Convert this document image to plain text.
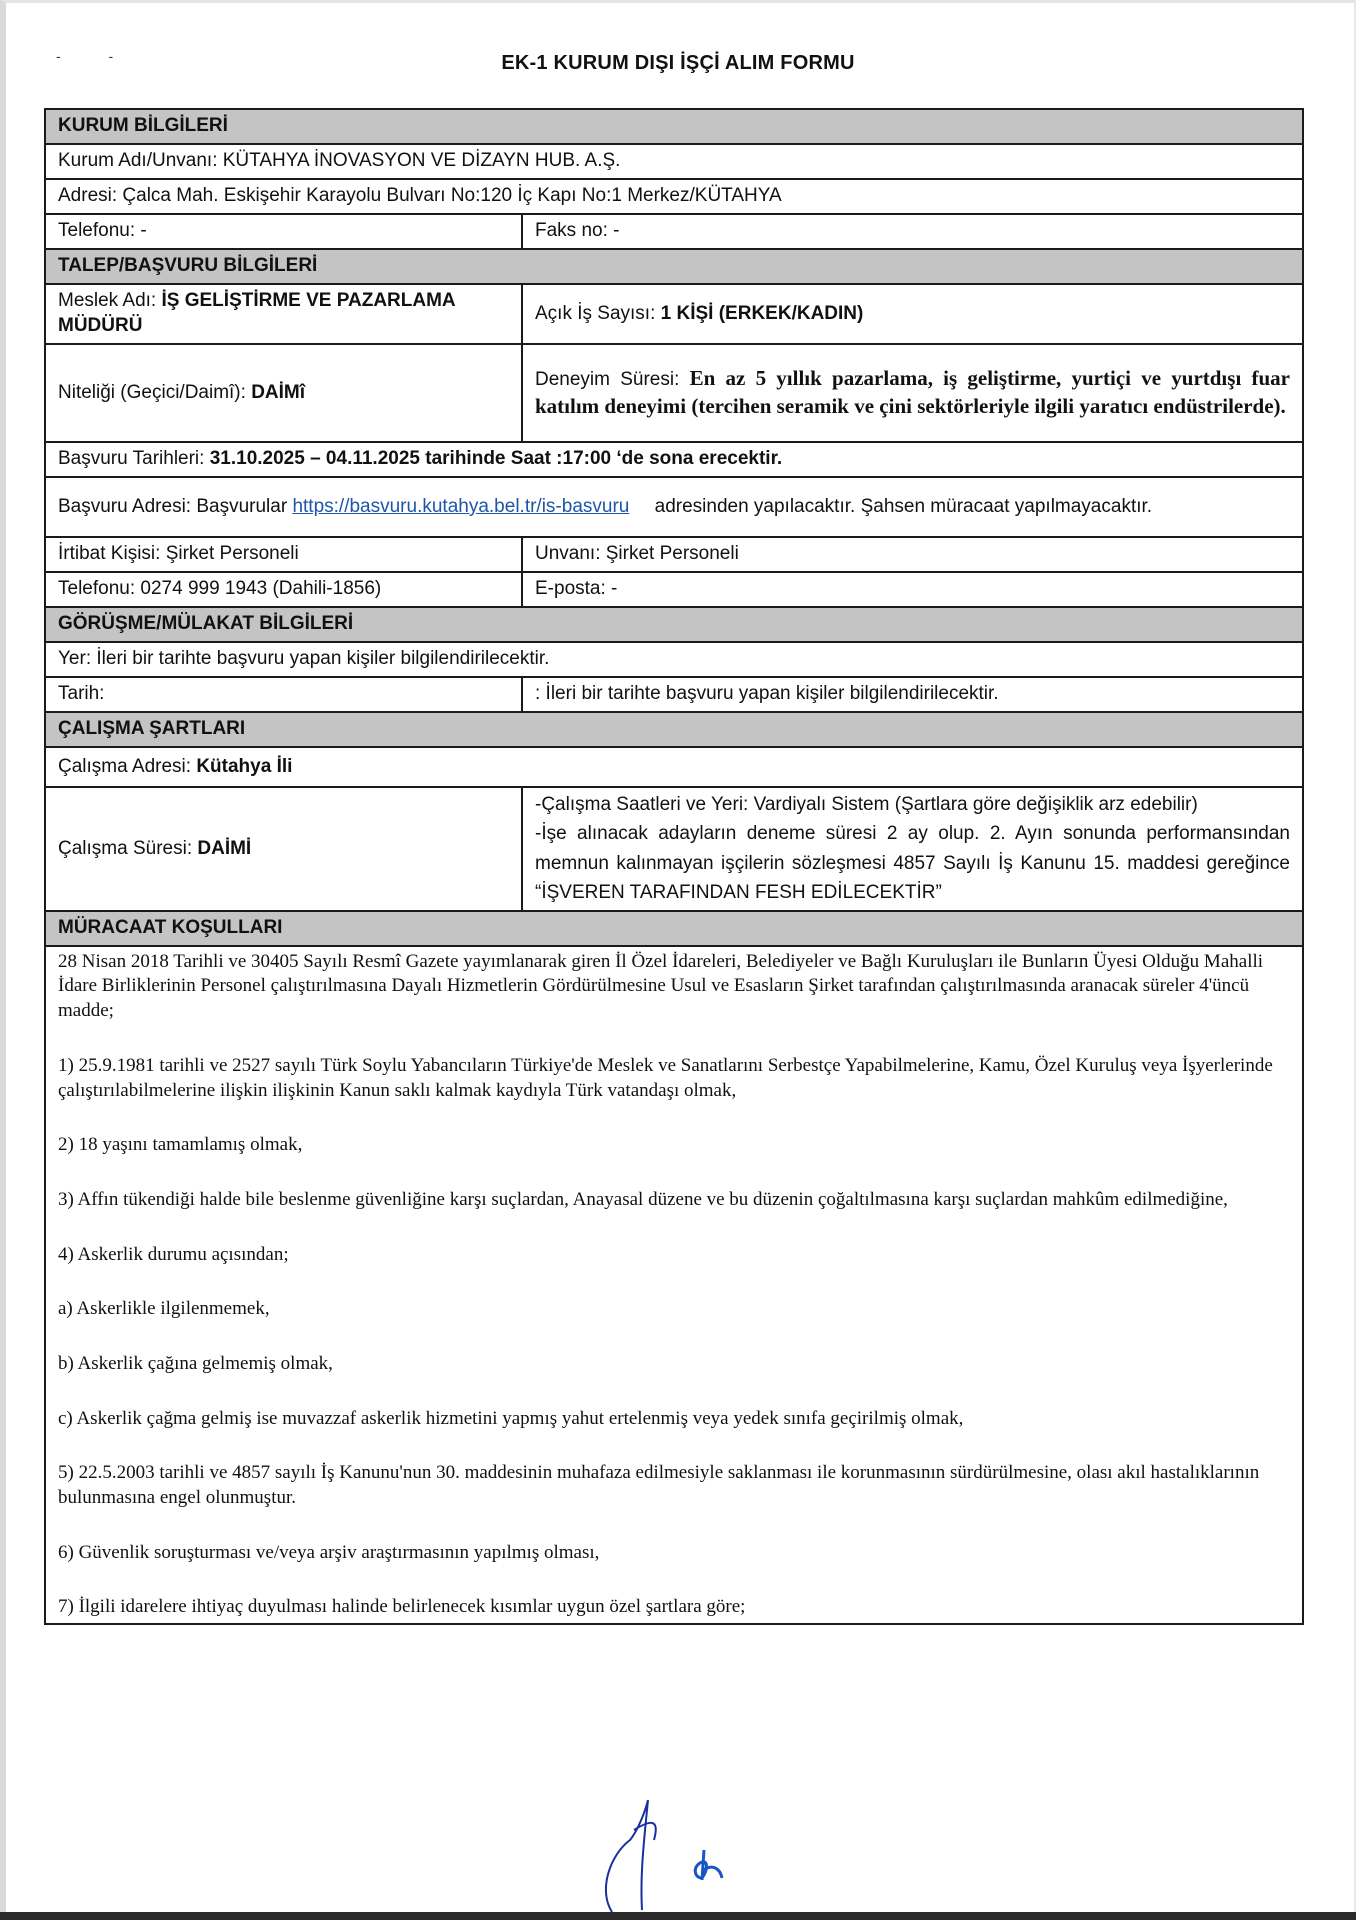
- -	EK-1 KURUM DIŞI İŞÇİ ALIM FORMU
KURUM BİLGİLERİ	
Kurum Adı/Unvanı: KÜTAHYA İNOVASYON VE DİZAYN HUB. A.Ş.	
Adresi: Çalca Mah. Eskişehir Karayolu Bulvarı No:120 İç Kapı No:1 Merkez/KÜTAHYA	
Telefonu: -	Faks no: -
TALEP/BAŞVURU BİLGİLERİ	
Meslek Adı: İŞ GELİŞTİRME VE PAZARLAMA MÜDÜRÜ	Açık İş Sayısı: 1 KİŞİ (ERKEK/KADIN)
Niteliği (Geçici/Daimî): DAİMî	Deneyim Süresi: En az 5 yıllık pazarlama, iş geliştirme, yurtiçi ve yurtdışı fuar katılım deneyimi (tercihen seramik ve çini sektörleriyle ilgili yaratıcı endüstrilerde).
Başvuru Tarihleri: 31.10.2025 – 04.11.2025 tarihinde Saat :17:00 ‘de sona erecektir.	
Başvuru Adresi: Başvurular https://basvuru.kutahya.bel.tr/is-basvuru adresinden yapılacaktır. Şahsen müracaat yapılmayacaktır.	
İrtibat Kişisi: Şirket Personeli	Unvanı: Şirket Personeli
Telefonu: 0274 999 1943 (Dahili-1856)	E-posta: -
GÖRÜŞME/MÜLAKAT BİLGİLERİ	
Yer: İleri bir tarihte başvuru yapan kişiler bilgilendirilecektir.	
Tarih:	: İleri bir tarihte başvuru yapan kişiler bilgilendirilecektir.
ÇALIŞMA ŞARTLARI	
Çalışma Adresi: Kütahya İli	
Çalışma Süresi: DAİMİ	-Çalışma Saatleri ve Yeri: Vardiyalı Sistem (Şartlara göre değişiklik arz edebilir)
-İşe alınacak adayların deneme süresi 2 ay olup. 2. Ayın sonunda performansından memnun kalınmayan işçilerin sözleşmesi 4857 Sayılı İş Kanunu 15. maddesi gereğince “İŞVEREN TARAFINDAN FESH EDİLECEKTİR”

MÜRACAAT KOŞULLARI	

28 Nisan 2018 Tarihli ve 30405 Sayılı Resmî Gazete yayımlanarak giren İl Özel İdareleri, Belediyeler ve Bağlı Kuruluşları ile Bunların Üyesi Olduğu Mahalli İdare Birliklerinin Personel çalıştırılmasına Dayalı Hizmetlerin Gördürülmesine Usul ve Esasların Şirket tarafından çalıştırılmasında aranacak süreler 4'üncü madde;

1) 25.9.1981 tarihli ve 2527 sayılı Türk Soylu Yabancıların Türkiye'de Meslek ve Sanatlarını Serbestçe Yapabilmelerine, Kamu, Özel Kuruluş veya İşyerlerinde çalıştırılabilmelerine ilişkin ilişkinin Kanun saklı kalmak kaydıyla Türk vatandaşı olmak,

2) 18 yaşını tamamlamış olmak,

3) Affın tükendiği halde bile beslenme güvenliğine karşı suçlardan, Anayasal düzene ve bu düzenin çoğaltılmasına karşı suçlardan mahkûm edilmediğine,

4) Askerlik durumu açısından;

a) Askerlikle ilgilenmemek,

b) Askerlik çağına gelmemiş olmak,

c) Askerlik çağma gelmiş ise muvazzaf askerlik hizmetini yapmış yahut ertelenmiş veya yedek sınıfa geçirilmiş olmak,

5) 22.5.2003 tarihli ve 4857 sayılı İş Kanunu'nun 30. maddesinin muhafaza edilmesiyle saklanması ile korunmasının sürdürülmesine, olası akıl hastalıklarının bulunmasına engel olunmuştur.

6) Güvenlik soruşturması ve/veya arşiv araştırmasının yapılmış olması,

7) İlgili idarelere ihtiyaç duyulması halinde belirlenecek kısımlar uygun özel şartlara göre;
